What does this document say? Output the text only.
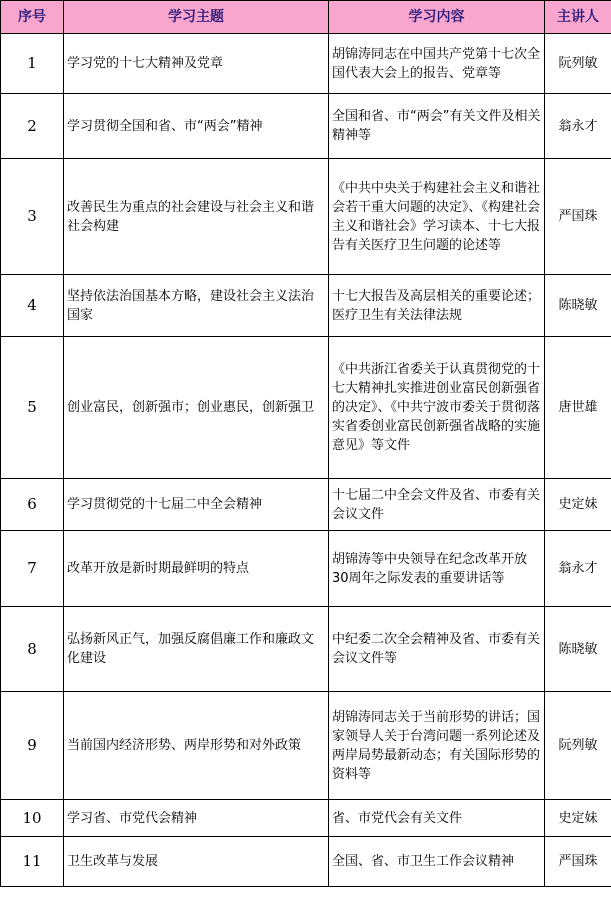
序号	学习主题	学习内容	主讲人
1	学习党的十七大精神及党章	胡锦涛同志在中国共产党第十七次全国代表大会上的报告、党章等	阮列敏
2	学习贯彻全国和省、市“两会”精神	全国和省、市“两会”有关文件及相关精神等	翁永才
3	改善民生为重点的社会建设与社会主义和谐社会构建	《中共中央关于构建社会主义和谐社会若干重大问题的决定》、《构建社会主义和谐社会》学习读本、十七大报告有关医疗卫生问题的论述等	严国珠
4	坚持依法治国基本方略，建设社会主义法治国家	十七大报告及高层相关的重要论述；医疗卫生有关法律法规	陈晓敏
5	创业富民，创新强市；创业惠民，创新强卫	《中共浙江省委关于认真贯彻党的十七大精神扎实推进创业富民创新强省的决定》、《中共宁波市委关于贯彻落实省委创业富民创新强省战略的实施意见》等文件	唐世雄
6	学习贯彻党的十七届二中全会精神	十七届二中全会文件及省、市委有关会议文件	史定妹
7	改革开放是新时期最鲜明的特点	胡锦涛等中央领导在纪念改革开放30周年之际发表的重要讲话等	翁永才
8	弘扬新风正气，加强反腐倡廉工作和廉政文化建设	中纪委二次全会精神及省、市委有关会议文件等	陈晓敏
9	当前国内经济形势、两岸形势和对外政策	胡锦涛同志关于当前形势的讲话；国家领导人关于台湾问题一系列论述及两岸局势最新动态；有关国际形势的资料等	阮列敏
10	学习省、市党代会精神	省、市党代会有关文件	史定妹
11	卫生改革与发展	全国、省、市卫生工作会议精神	严国珠
